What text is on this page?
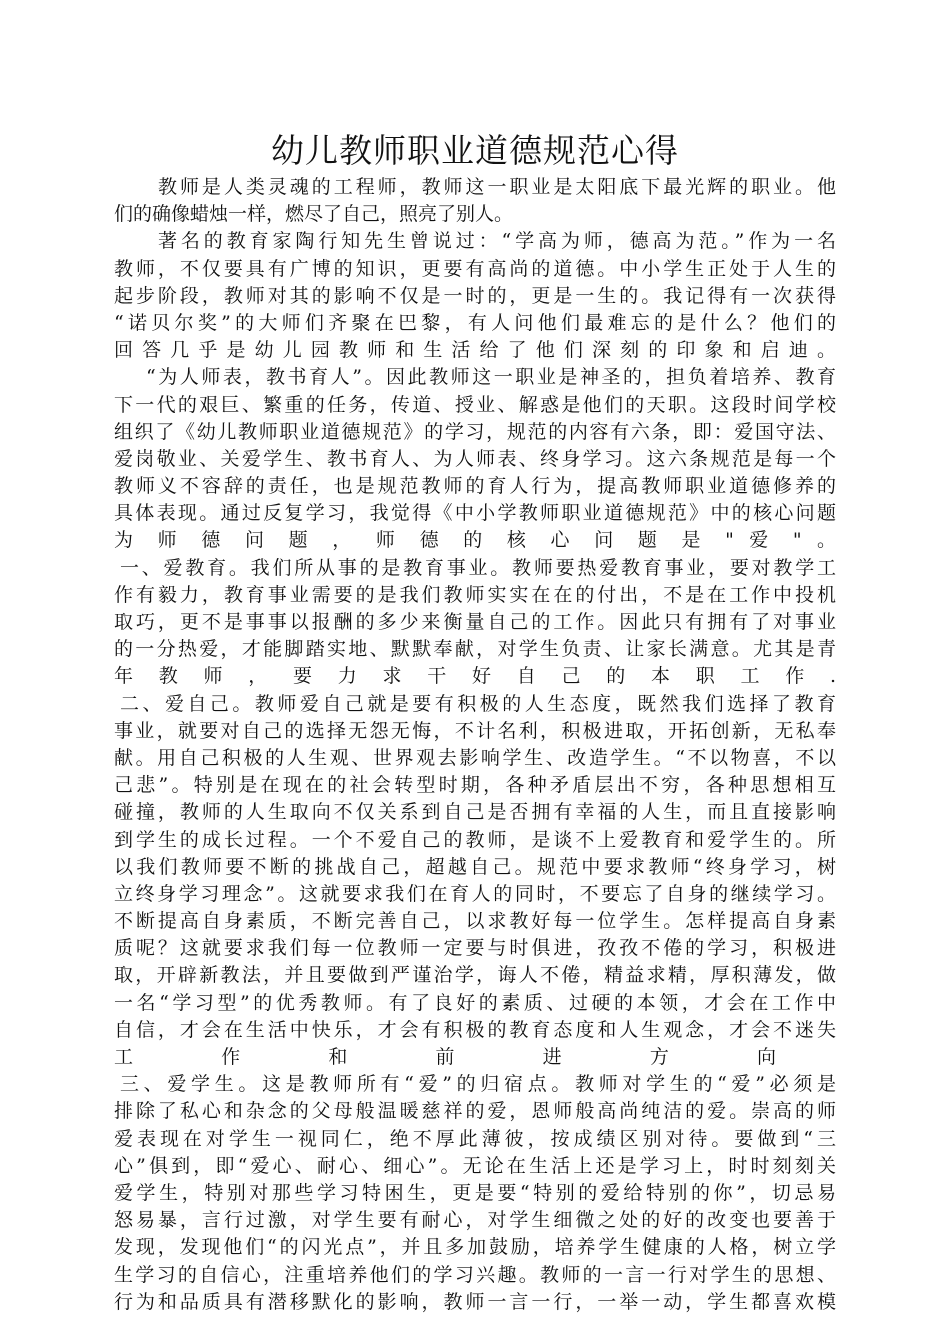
幼儿教师职业道德规范心得
教师是人类灵魂的工程师，教师这一职业是太阳底下最光辉的职业。他
们的确像蜡烛一样，燃尽了自己，照亮了别人。
著名的教育家陶行知先生曾说过：“学高为师，德高为范。”作为一名
教师，不仅要具有广博的知识，更要有高尚的道德。中小学生正处于人生的
起步阶段，教师对其的影响不仅是一时的，更是一生的。我记得有一次获得
“诺贝尔奖”的大师们齐聚在巴黎，有人问他们最难忘的是什么？他们的
回答几乎是幼儿园教师和生活给了他们深刻的印象和启迪。
“为人师表，教书育人”。因此教师这一职业是神圣的，担负着培养、教育
下一代的艰巨、繁重的任务，传道、授业、解惑是他们的天职。这段时间学校
组织了《幼儿教师职业道德规范》的学习，规范的内容有六条，即：爱国守法、
爱岗敬业、关爱学生、教书育人、为人师表、终身学习。这六条规范是每一个
教师义不容辞的责任，也是规范教师的育人行为，提高教师职业道德修养的
具体表现。通过反复学习，我觉得《中小学教师职业道德规范》中的核心问题
为 师 德 问 题 ， 师 德 的 核 心 问 题 是 " 爱 " 。
一、爱教育。我们所从事的是教育事业。教师要热爱教育事业，要对教学工
作有毅力，教育事业需要的是我们教师实实在在的付出，不是在工作中投机
取巧，更不是事事以报酬的多少来衡量自己的工作。因此只有拥有了对事业
的一分热爱，才能脚踏实地、默默奉献，对学生负责、让家长满意。尤其是青
年 教 师 ， 要 力 求 干 好 自 己 的 本 职 工 作 .
二、爱自己。教师爱自己就是要有积极的人生态度，既然我们选择了教育
事业，就要对自己的选择无怨无悔，不计名利，积极进取，开拓创新，无私奉
献。用自己积极的人生观、世界观去影响学生、改造学生。“不以物喜，不以
己悲”。特别是在现在的社会转型时期，各种矛盾层出不穷，各种思想相互
碰撞，教师的人生取向不仅关系到自己是否拥有幸福的人生，而且直接影响
到学生的成长过程。一个不爱自己的教师，是谈不上爱教育和爱学生的。所
以我们教师要不断的挑战自己，超越自己。规范中要求教师“终身学习，树
立终身学习理念”。这就要求我们在育人的同时，不要忘了自身的继续学习。
不断提高自身素质，不断完善自己，以求教好每一位学生。怎样提高自身素
质呢？这就要求我们每一位教师一定要与时俱进，孜孜不倦的学习，积极进
取，开辟新教法，并且要做到严谨治学，诲人不倦，精益求精，厚积薄发，做
一名“学习型”的优秀教师。有了良好的素质、过硬的本领，才会在工作中
自信，才会在生活中快乐，才会有积极的教育态度和人生观念，才会不迷失
工 作 和 前 进 方 向
三、爱学生。这是教师所有“爱”的归宿点。教师对学生的“爱”必须是
排除了私心和杂念的父母般温暖慈祥的爱，恩师般高尚纯洁的爱。崇高的师
爱表现在对学生一视同仁，绝不厚此薄彼，按成绩区别对待。要做到“三
心”俱到，即“爱心、耐心、细心”。无论在生活上还是学习上，时时刻刻关
爱学生，特别对那些学习特困生，更是要“特别的爱给特别的你”，切忌易
怒易暴，言行过激，对学生要有耐心，对学生细微之处的好的改变也要善于
发现，发现他们“的闪光点”，并且多加鼓励，培养学生健康的人格，树立学
生学习的自信心，注重培养他们的学习兴趣。教师的一言一行对学生的思想、
行为和品质具有潜移默化的影响，教师一言一行，一举一动，学生都喜欢模
